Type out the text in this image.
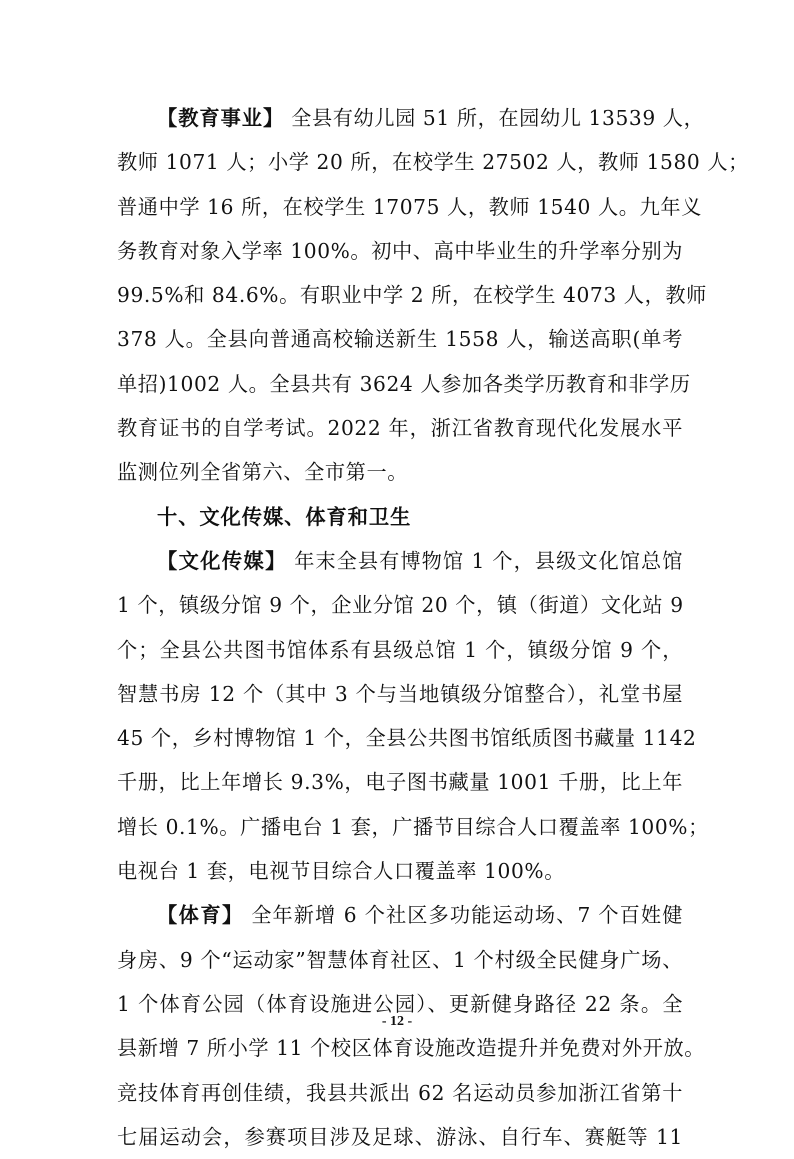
【教育事业】 全县有幼儿园 51 所，在园幼儿 13539 人，
教师 1071 人；小学 20 所，在校学生 27502 人，教师 1580 人；
普通中学 16 所，在校学生 17075 人，教师 1540 人。九年义
务教育对象入学率 100%。初中、高中毕业生的升学率分别为
99.5%和 84.6%。有职业中学 2 所，在校学生 4073 人，教师
378 人。全县向普通高校输送新生 1558 人，输送高职(单考
单招)1002 人。全县共有 3624 人参加各类学历教育和非学历
教育证书的自学考试。2022 年，浙江省教育现代化发展水平
监测位列全省第六、全市第一。
十、文化传媒、体育和卫生
【文化传媒】 年末全县有博物馆 1 个，县级文化馆总馆
1 个，镇级分馆 9 个，企业分馆 20 个，镇（街道）文化站 9
个；全县公共图书馆体系有县级总馆 1 个，镇级分馆 9 个，
智慧书房 12 个（其中 3 个与当地镇级分馆整合），礼堂书屋
45 个，乡村博物馆 1 个，全县公共图书馆纸质图书藏量 1142
千册，比上年增长 9.3%，电子图书藏量 1001 千册，比上年
增长 0.1%。广播电台 1 套，广播节目综合人口覆盖率 100%；
电视台 1 套，电视节目综合人口覆盖率 100%。
【体育】 全年新增 6 个社区多功能运动场、7 个百姓健
身房、9 个“运动家”智慧体育社区、1 个村级全民健身广场、
1 个体育公园（体育设施进公园）、更新健身路径 22 条。全
县新增 7 所小学 11 个校区体育设施改造提升并免费对外开放。
竞技体育再创佳绩，我县共派出 62 名运动员参加浙江省第十
七届运动会，参赛项目涉及足球、游泳、自行车、赛艇等 11
- 12 -
